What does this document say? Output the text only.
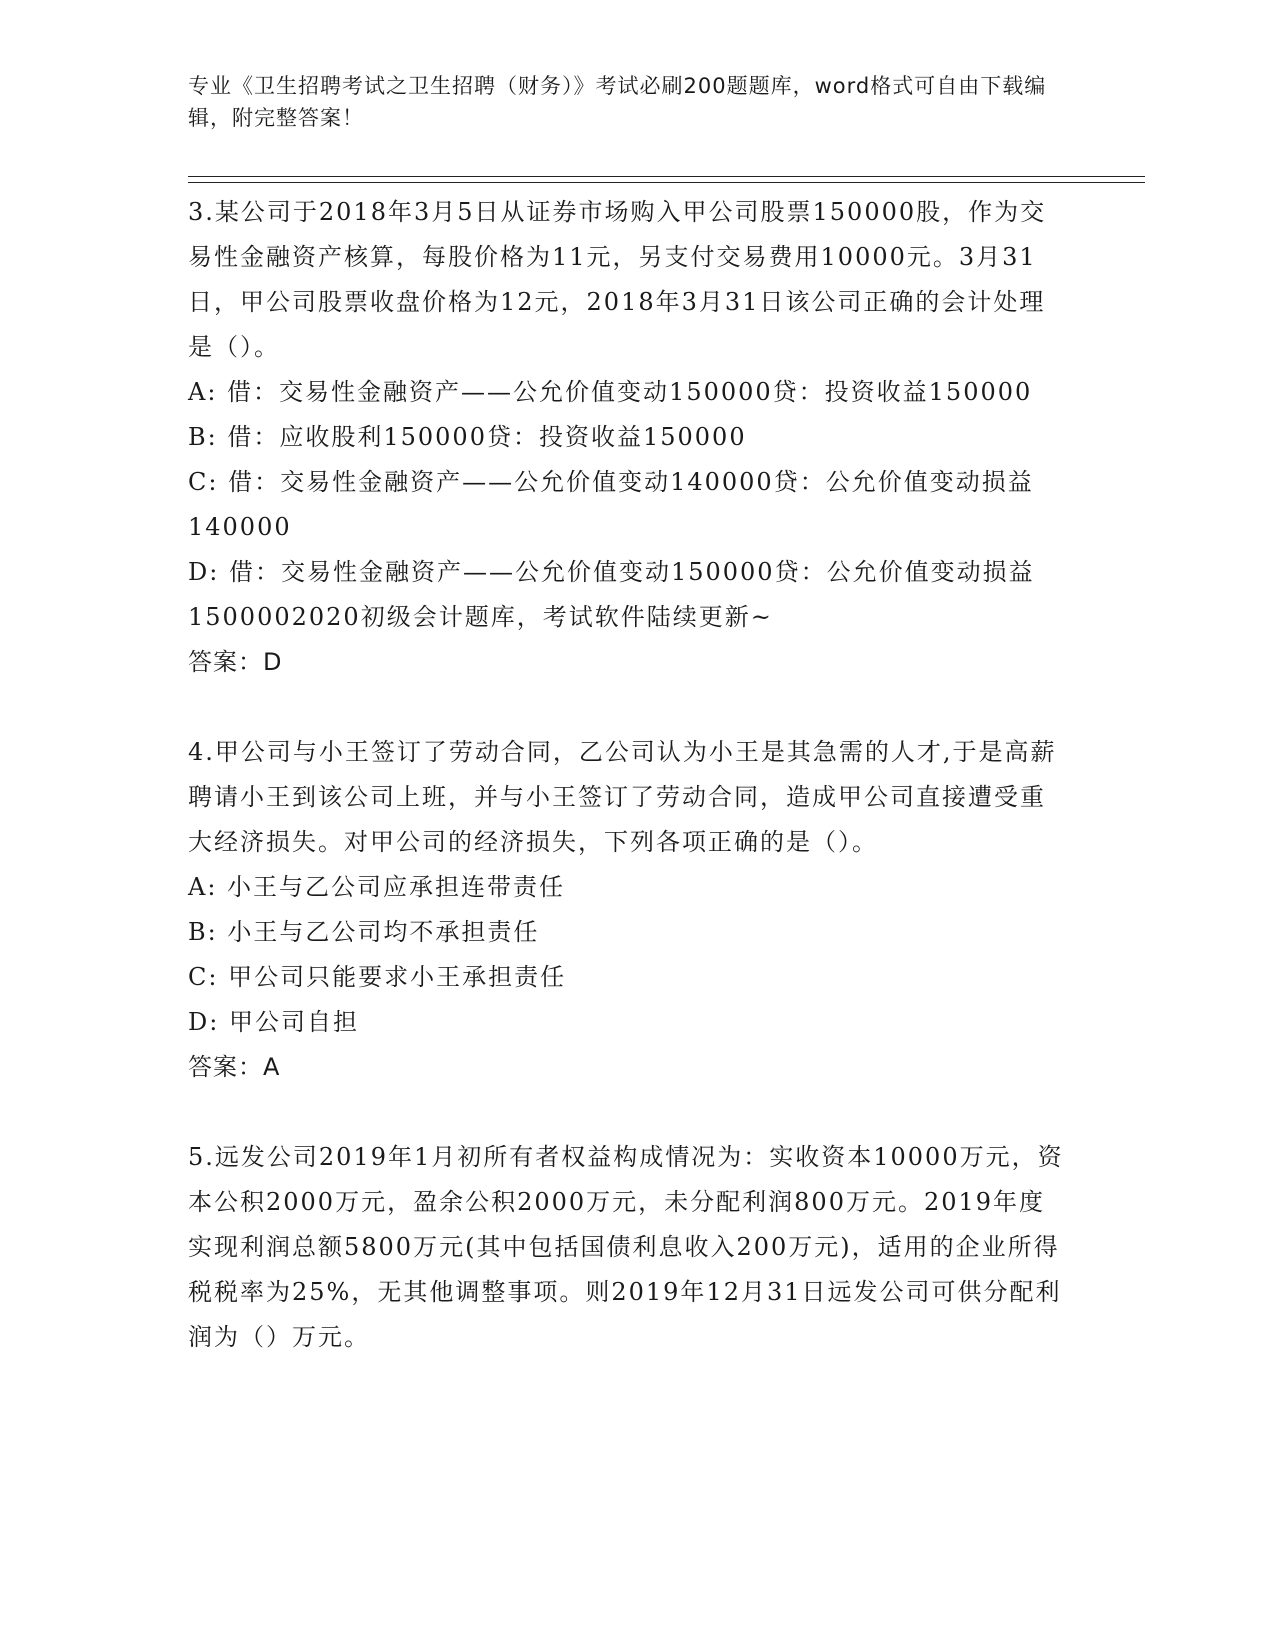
专业《卫生招聘考试之卫生招聘（财务）》考试必刷200题题库，word格式可自由下载编辑，附完整答案！

3.某公司于2018年3月5日从证券市场购入甲公司股票150000股，作为交易性金融资产核算，每股价格为11元，另支付交易费用10000元。3月31日，甲公司股票收盘价格为12元，2018年3月31日该公司正确的会计处理是（）。

A: 借：交易性金融资产——公允价值变动150000贷：投资收益150000

B: 借：应收股利150000贷：投资收益150000

C: 借：交易性金融资产——公允价值变动140000贷：公允价值变动损益140000

D: 借：交易性金融资产——公允价值变动150000贷：公允价值变动损益1500002020初级会计题库，考试软件陆续更新~

答案：D

4.甲公司与小王签订了劳动合同，乙公司认为小王是其急需的人才,于是高薪聘请小王到该公司上班，并与小王签订了劳动合同，造成甲公司直接遭受重大经济损失。对甲公司的经济损失，下列各项正确的是（）。

A: 小王与乙公司应承担连带责任

B: 小王与乙公司均不承担责任

C: 甲公司只能要求小王承担责任

D: 甲公司自担

答案：A

5.远发公司2019年1月初所有者权益构成情况为：实收资本10000万元，资本公积2000万元，盈余公积2000万元，未分配利润800万元。2019年度实现利润总额5800万元(其中包括国债利息收入200万元)，适用的企业所得税税率为25%，无其他调整事项。则2019年12月31日远发公司可供分配利润为（）万元。
